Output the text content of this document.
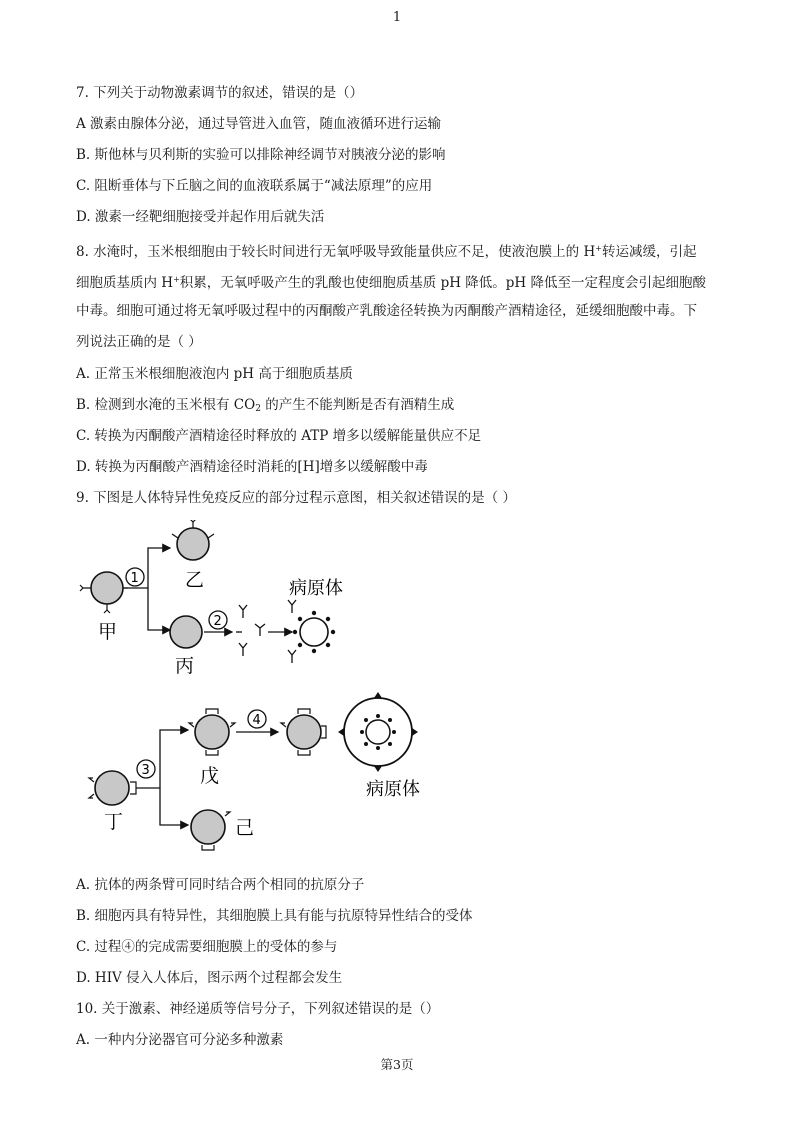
1
7. 下列关于动物激素调节的叙述，错误的是（）
A 激素由腺体分泌，通过导管进入血管，随血液循环进行运输
B. 斯他林与贝利斯的实验可以排除神经调节对胰液分泌的影响
C. 阻断垂体与下丘脑之间的血液联系属于“减法原理”的应用
D. 激素一经靶细胞接受并起作用后就失活
8. 水淹时，玉米根细胞由于较长时间进行无氧呼吸导致能量供应不足，使液泡膜上的 H+转运减缓，引起
细胞质基质内 H+积累，无氧呼吸产生的乳酸也使细胞质基质 pH 降低。pH 降低至一定程度会引起细胞酸
中毒。细胞可通过将无氧呼吸过程中的丙酮酸产乳酸途径转换为丙酮酸产酒精途径，延缓细胞酸中毒。下
列说法正确的是（ ）
A. 正常玉米根细胞液泡内 pH 高于细胞质基质
B. 检测到水淹的玉米根有 $CO_2$ 的产生不能判断是否有酒精生成
C. 转换为丙酮酸产酒精途径时释放的 ATP 增多以缓解能量供应不足
D. 转换为丙酮酸产酒精途径时消耗的[H]增多以缓解酸中毒
9. 下图是人体特异性免疫反应的部分过程示意图，相关叙述错误的是（ ）
甲
1 乙
丙
2
病原体
丁
3	戊
4
病原体
己
A. 抗体的两条臂可同时结合两个相同的抗原分子
B. 细胞丙具有特异性，其细胞膜上具有能与抗原特异性结合的受体
C. 过程④的完成需要细胞膜上的受体的参与
D. HIV 侵入人体后，图示两个过程都会发生
10. 关于激素、神经递质等信号分子，下列叙述错误的是（）
A. 一种内分泌器官可分泌多种激素
第3页
